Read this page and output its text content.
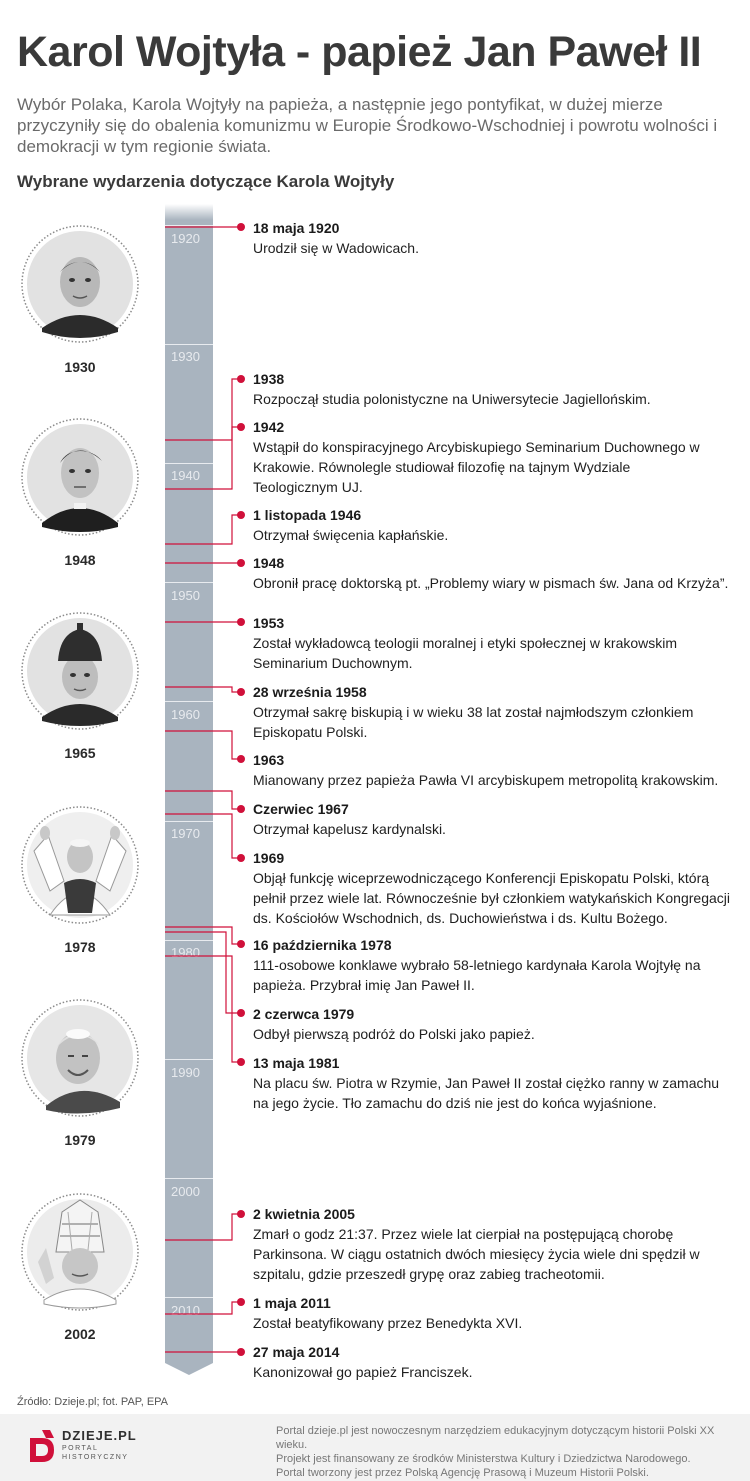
Karol Wojtyła - papież Jan Paweł II
Wybór Polaka, Karola Wojtyły na papieża, a następnie jego pontyfikat, w dużej mierze przyczyniły się do obalenia komunizmu w Europie Środkowo-Wschodniej i powrotu wolności i demokracji w tym regionie świata.
Wybrane wydarzenia dotyczące Karola Wojtyły
1920
1930
1940
1950
1960
1970
1980
1990
2000
2010
18 maja 1920
Urodził się w Wadowicach.
1938
Rozpoczął studia polonistyczne na Uniwersytecie Jagiellońskim.
1942
Wstąpił do konspiracyjnego Arcybiskupiego Seminarium Duchownego w Krakowie. Równolegle studiował filozofię na tajnym Wydziale Teologicznym UJ.
1 listopada 1946
Otrzymał święcenia kapłańskie.
1948
Obronił pracę doktorską pt. „Problemy wiary w pismach św. Jana od Krzyża”.
1953
Został wykładowcą teologii moralnej i etyki społecznej w krakowskim Seminarium Duchownym.
28 września 1958
Otrzymał sakrę biskupią i w wieku 38 lat został najmłodszym członkiem Episkopatu Polski.
1963
Mianowany przez papieża Pawła VI arcybiskupem metropolitą krakowskim.
Czerwiec 1967
Otrzymał kapelusz kardynalski.
1969
Objął funkcję wiceprzewodniczącego Konferencji Episkopatu Polski, którą pełnił przez wiele lat. Równocześnie był członkiem watykańskich Kongregacji ds. Kościołów Wschodnich, ds. Duchowieństwa i ds. Kultu Bożego.
16 października 1978
111-osobowe konklawe wybrało 58-letniego kardynała Karola Wojtyłę na papieża. Przybrał imię Jan Paweł II.
2 czerwca 1979
Odbył pierwszą podróż do Polski jako papież.
13 maja 1981
Na placu św. Piotra w Rzymie, Jan Paweł II został ciężko ranny w zamachu na jego życie. Tło zamachu do dziś nie jest do końca wyjaśnione.
2 kwietnia 2005
Zmarł o godz 21:37. Przez wiele lat cierpiał na postępującą chorobę Parkinsona. W ciągu ostatnich dwóch miesięcy życia wiele dni spędził w szpitalu, gdzie przeszedł grypę oraz zabieg tracheotomii.
1 maja 2011
Został beatyfikowany przez Benedykta XVI.
27 maja 2014
Kanonizował go papież Franciszek.
1930
1948
1965
1978
1979
2002
Źródło: Dzieje.pl; fot. PAP, EPA
DZIEJE.PL
PORTAL
HISTORYCZNY
Portal dzieje.pl jest nowoczesnym narzędziem edukacyjnym dotyczącym historii Polski XX wieku.
Projekt jest finansowany ze środków Ministerstwa Kultury i Dziedzictwa Narodowego.
Portal tworzony jest przez Polską Agencję Prasową i Muzeum Historii Polski.
